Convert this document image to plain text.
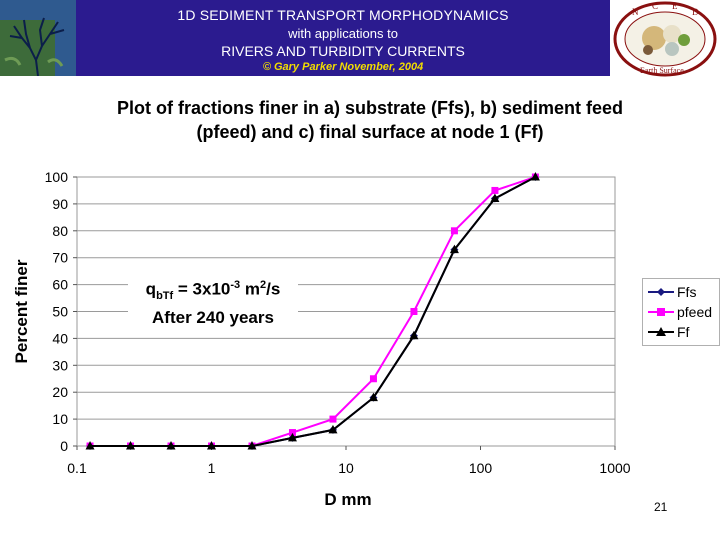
1D SEDIMENT TRANSPORT MORPHODYNAMICS
with applications to
RIVERS AND TURBIDITY CURRENTS
© Gary Parker November, 2004
N
C E
D
Earth Surface
Plot of fractions finer in a) substrate (Ffs), b) sediment feed
(pfeed) and c) final surface at node 1 (Ff)
0
10
20
30
40
50
60
70
80
90
100
0.1	1	10	100	1000
D mm
Percent finer	$q_{bTf} = 3x10^{-3}$ $m^2/s$
After 240 years
Ffs
pfeed
Ff
21
